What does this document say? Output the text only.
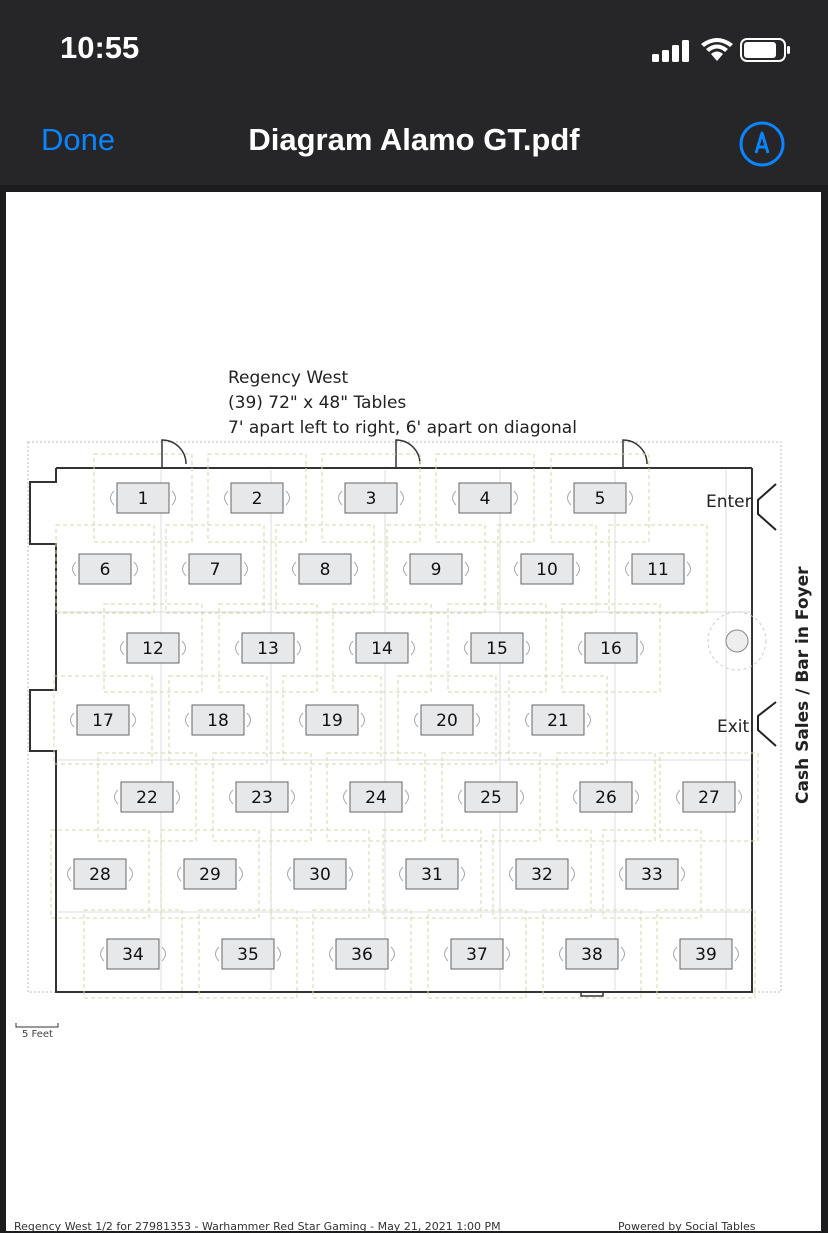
10:55
Done	Diagram Alamo GT.pdf
Regency West
(39) 72" x 48" Tables
7' apart left to right, 6' apart on diagonal
Enter
Exit	Cash Sales / Bar in Foyer
1	2	3	4	5
6	7	8	9	10	11
12	13	14	15	16
17	18	19	20	21
22	23	24	25	26	27
28	29	30	31	32	33
34	35	36	37	38	39
5 Feet
Regency West 1/2 for 27981353 - Warhammer Red Star Gaming - May 21, 2021 1:00 PM	Powered by Social Tables
